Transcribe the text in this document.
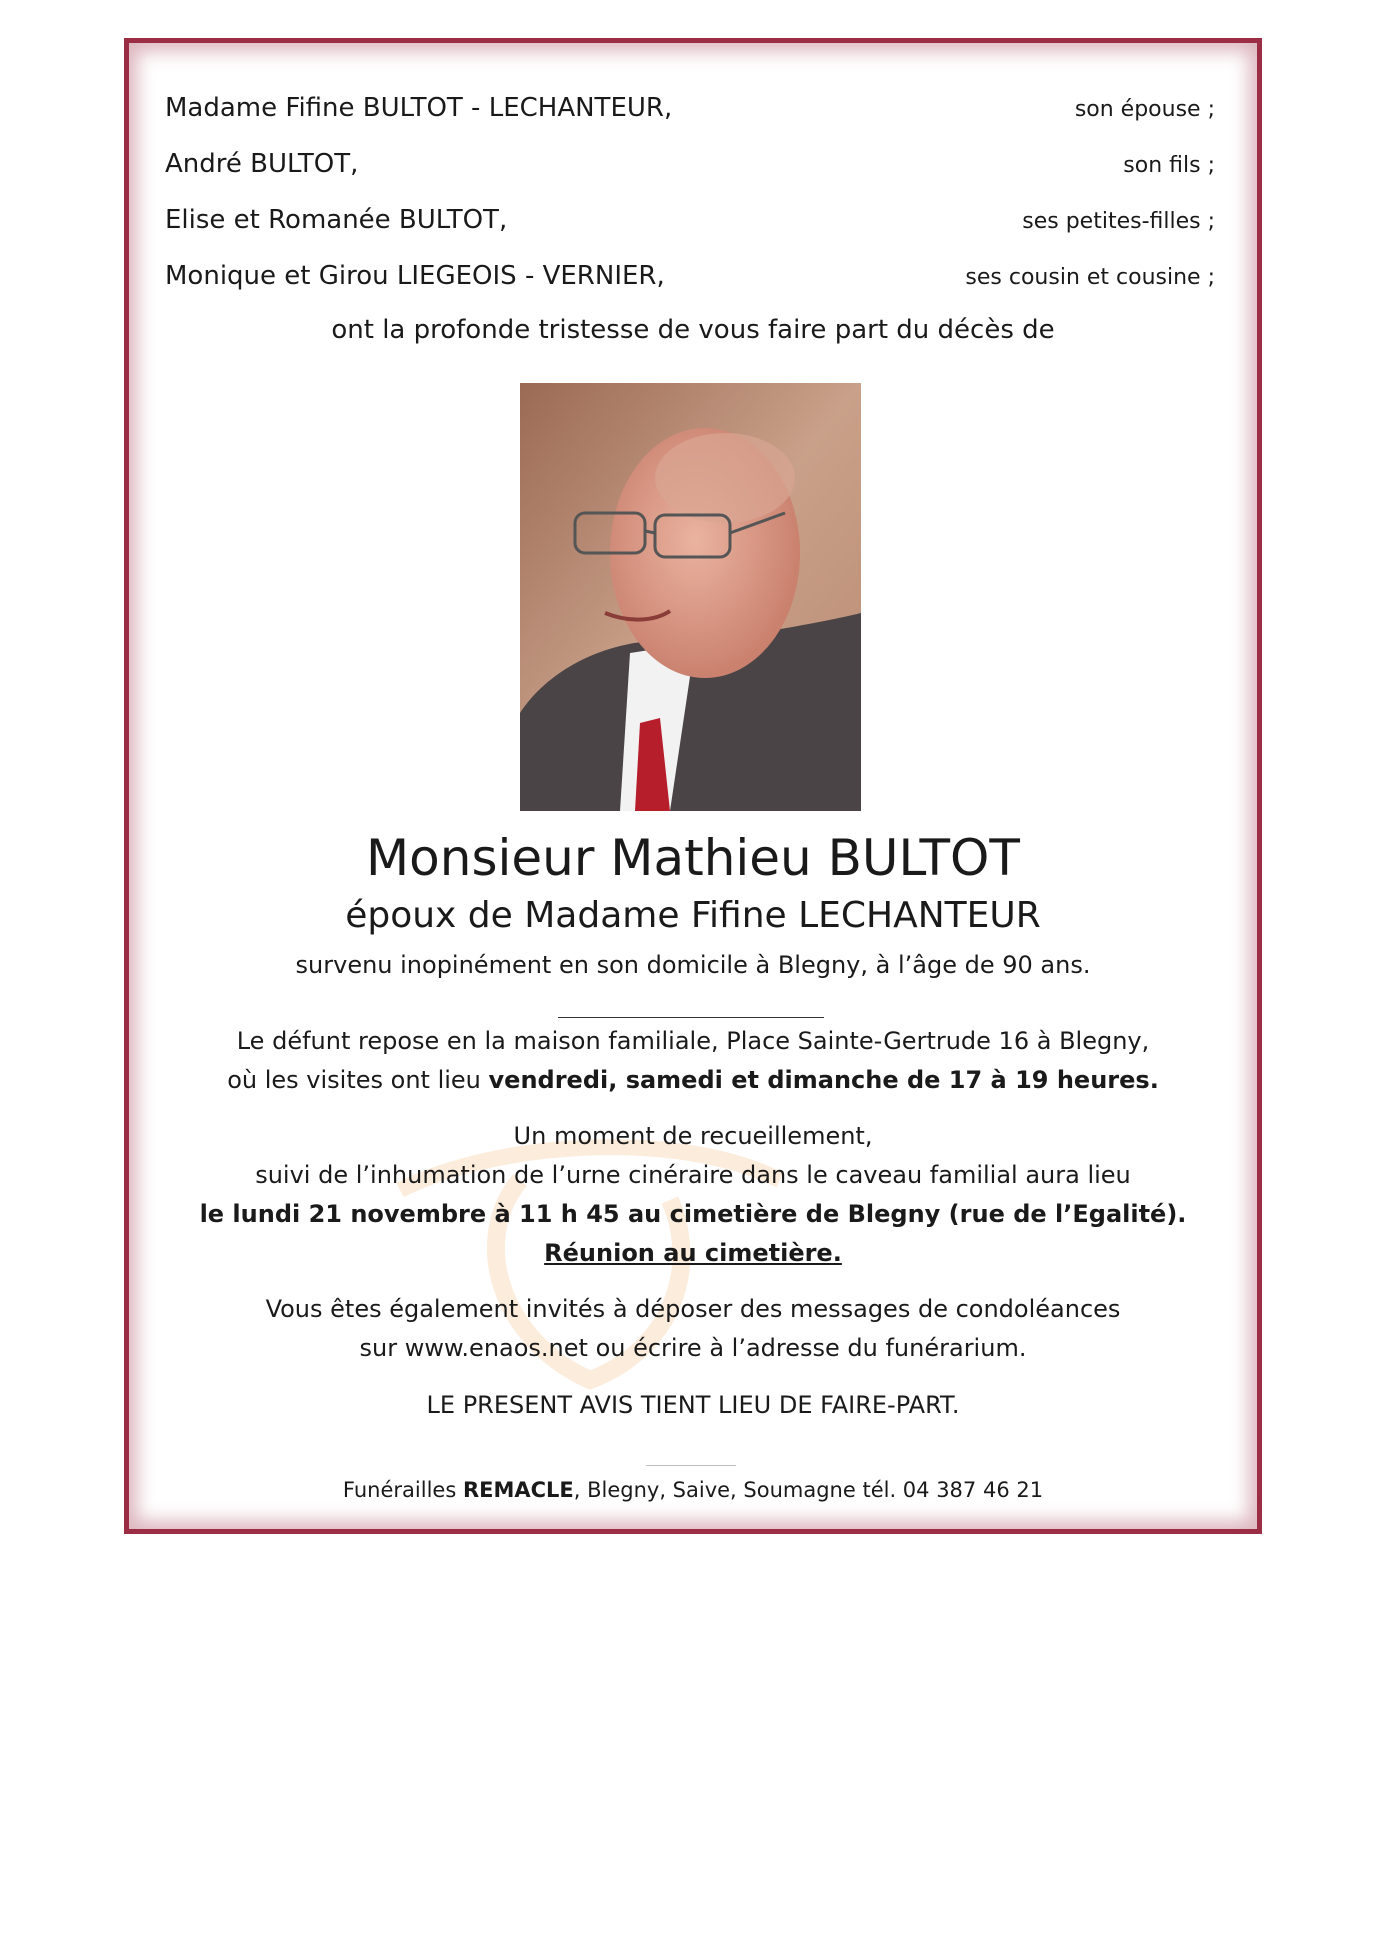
Madame Fifine BULTOT - LECHANTEUR,	son épouse ;
André BULTOT,	son fils ;
Elise et Romanée BULTOT,	ses petites-filles ;
Monique et Girou LIEGEOIS - VERNIER,	ses cousin et cousine ;
ont la profonde tristesse de vous faire part du décès de
Monsieur Mathieu BULTOT
époux de Madame Fifine LECHANTEUR
survenu inopinément en son domicile à Blegny, à l’âge de 90 ans.
Le défunt repose en la maison familiale, Place Sainte-Gertrude 16 à Blegny,
où les visites ont lieu vendredi, samedi et dimanche de 17 à 19 heures.
Un moment de recueillement,
suivi de l’inhumation de l’urne cinéraire dans le caveau familial aura lieu
le lundi 21 novembre à 11 h 45 au cimetière de Blegny (rue de l’Egalité).
Réunion au cimetière.
Vous êtes également invités à déposer des messages de condoléances
sur www.enaos.net ou écrire à l’adresse du funérarium.
LE PRESENT AVIS TIENT LIEU DE FAIRE-PART.
Funérailles REMACLE, Blegny, Saive, Soumagne tél. 04 387 46 21
